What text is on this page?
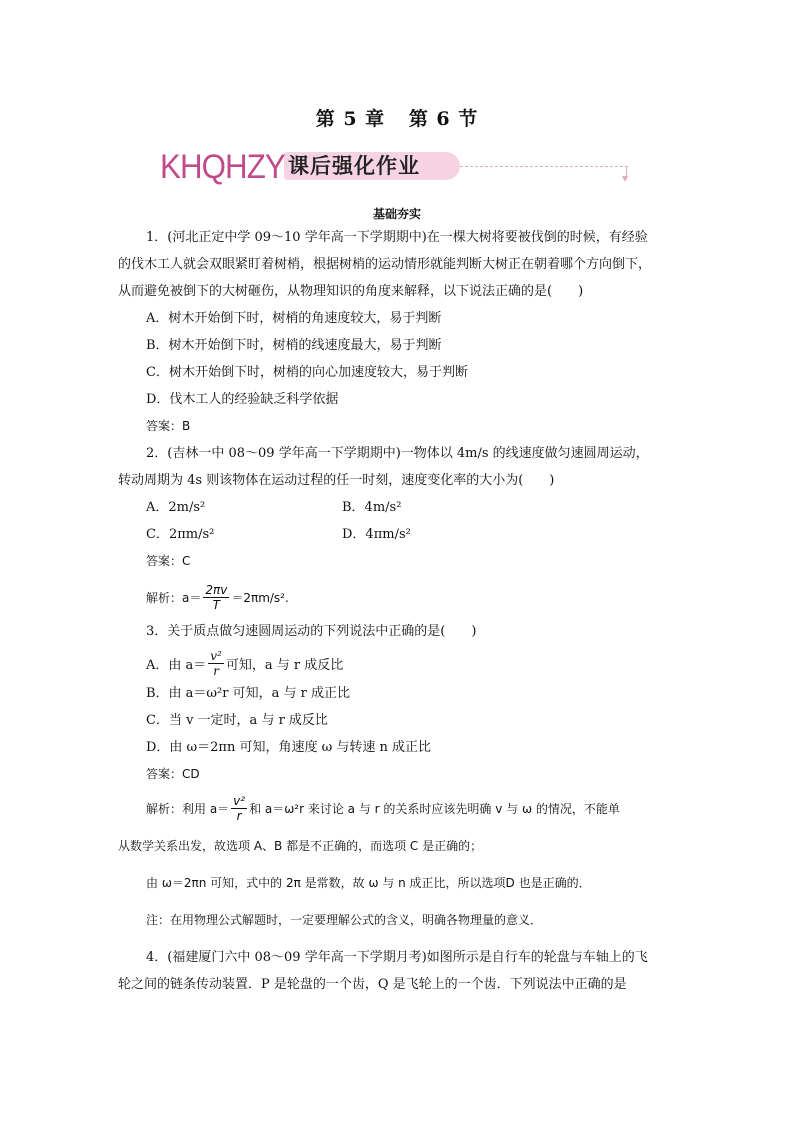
第 5 章 第 6 节
KHQHZY 课后强化作业
▼
基础夯实

1．(河北正定中学 09～10 学年高一下学期期中)在一棵大树将要被伐倒的时候，有经验

的伐木工人就会双眼紧盯着树梢，根据树梢的运动情形就能判断大树正在朝着哪个方向倒下，

从而避免被倒下的大树砸伤，从物理知识的角度来解释，以下说法正确的是(　　)

A．树木开始倒下时，树梢的角速度较大，易于判断

B．树木开始倒下时，树梢的线速度最大，易于判断

C．树木开始倒下时，树梢的向心加速度较大，易于判断

D．伐木工人的经验缺乏科学依据

答案：B

2．(吉林一中 08～09 学年高一下学期期中)一物体以 4m/s 的线速度做匀速圆周运动，

转动周期为 4s 则该物体在运动过程的任一时刻，速度变化率的大小为(　　)

A．2m/s²	B．4m/s²
C．2πm/s²	D．4πm/s²

答案：C

解析：$a= \frac{2\pi v}{T} =2\pi m/s^2$.

3．关于质点做匀速圆周运动的下列说法中正确的是(　　)

A．由 $a= \frac{\text{v²}}{r}$ 可知，a 与 r 成反比

B．由 a＝ω²r 可知，a 与 r 成正比

C．当 v 一定时，a 与 r 成反比

D．由 ω＝2πn 可知，角速度 ω 与转速 n 成正比

答案：CD

解析：利用 $a= \frac{\text{v²}}{r}$ 和 a＝ω²r 来讨论 a 与 r 的关系时应该先明确 v 与 ω 的情况，不能单

从数学关系出发，故选项 A、B 都是不正确的，而选项 C 是正确的；

由 ω＝2πn 可知，式中的 2π 是常数，故 ω 与 n 成正比，所以选项D 也是正确的．

注：在用物理公式解题时，一定要理解公式的含义，明确各物理量的意义．

4．(福建厦门六中 08～09 学年高一下学期月考)如图所示是自行车的轮盘与车轴上的飞

轮之间的链条传动装置．P 是轮盘的一个齿，Q 是飞轮上的一个齿．下列说法中正确的是
